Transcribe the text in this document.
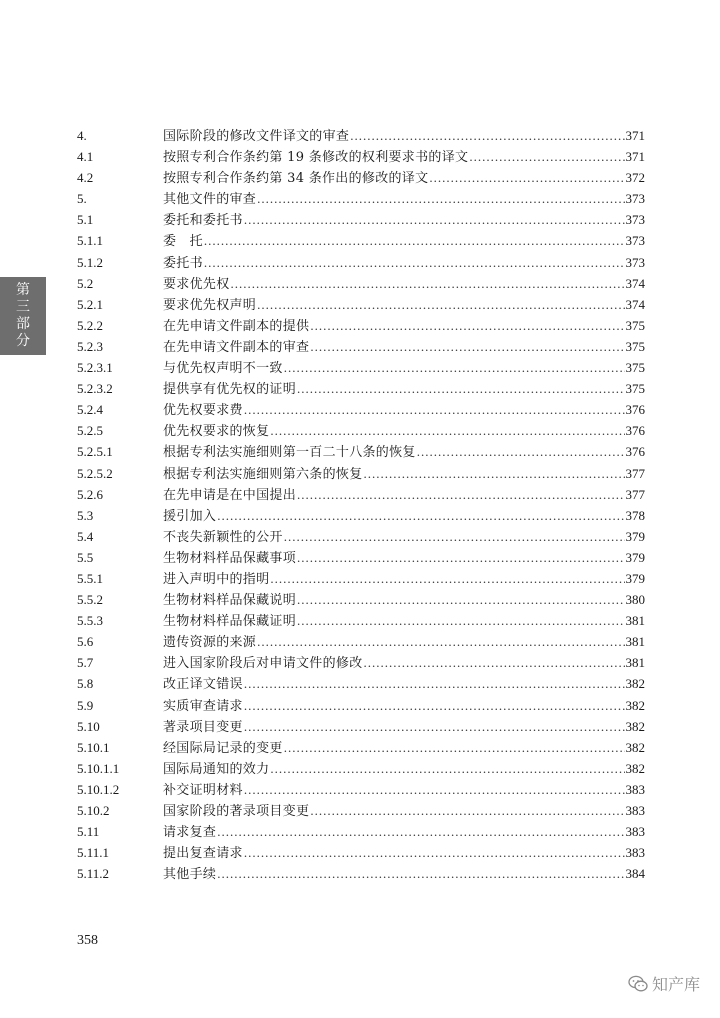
第
三
部
分
4.	国际阶段的修改文件译文的审查 .....	371
4.1	按照专利合作条约第 19 条修改的权利要求书的译文 .....	371
4.2	按照专利合作条约第 34 条作出的修改的译文 .....	372
5.	其他文件的审查 .....	373
5.1	委托和委托书 .....	373
5.1.1	委　托 .....	373
5.1.2	委托书 .....	373
5.2	要求优先权 .....	374
5.2.1	要求优先权声明 .....	374
5.2.2	在先申请文件副本的提供 .....	375
5.2.3	在先申请文件副本的审查 .....	375
5.2.3.1	与优先权声明不一致 .....	375
5.2.3.2	提供享有优先权的证明 .....	375
5.2.4	优先权要求费 .....	376
5.2.5	优先权要求的恢复 .....	376
5.2.5.1	根据专利法实施细则第一百二十八条的恢复 .....	376
5.2.5.2	根据专利法实施细则第六条的恢复 .....	377
5.2.6	在先申请是在中国提出 .....	377
5.3	援引加入 .....	378
5.4	不丧失新颖性的公开 .....	379
5.5	生物材料样品保藏事项 .....	379
5.5.1	进入声明中的指明 .....	379
5.5.2	生物材料样品保藏说明 .....	380
5.5.3	生物材料样品保藏证明 .....	381
5.6	遗传资源的来源 .....	381
5.7	进入国家阶段后对申请文件的修改 .....	381
5.8	改正译文错误 .....	382
5.9	实质审查请求 .....	382
5.10	著录项目变更 .....	382
5.10.1	经国际局记录的变更 .....	382
5.10.1.1	国际局通知的效力 .....	382
5.10.1.2	补交证明材料 .....	383
5.10.2	国家阶段的著录项目变更 .....	383
5.11	请求复查 .....	383
5.11.1	提出复查请求 .....	383
5.11.2	其他手续 .....	384
358
知产库
